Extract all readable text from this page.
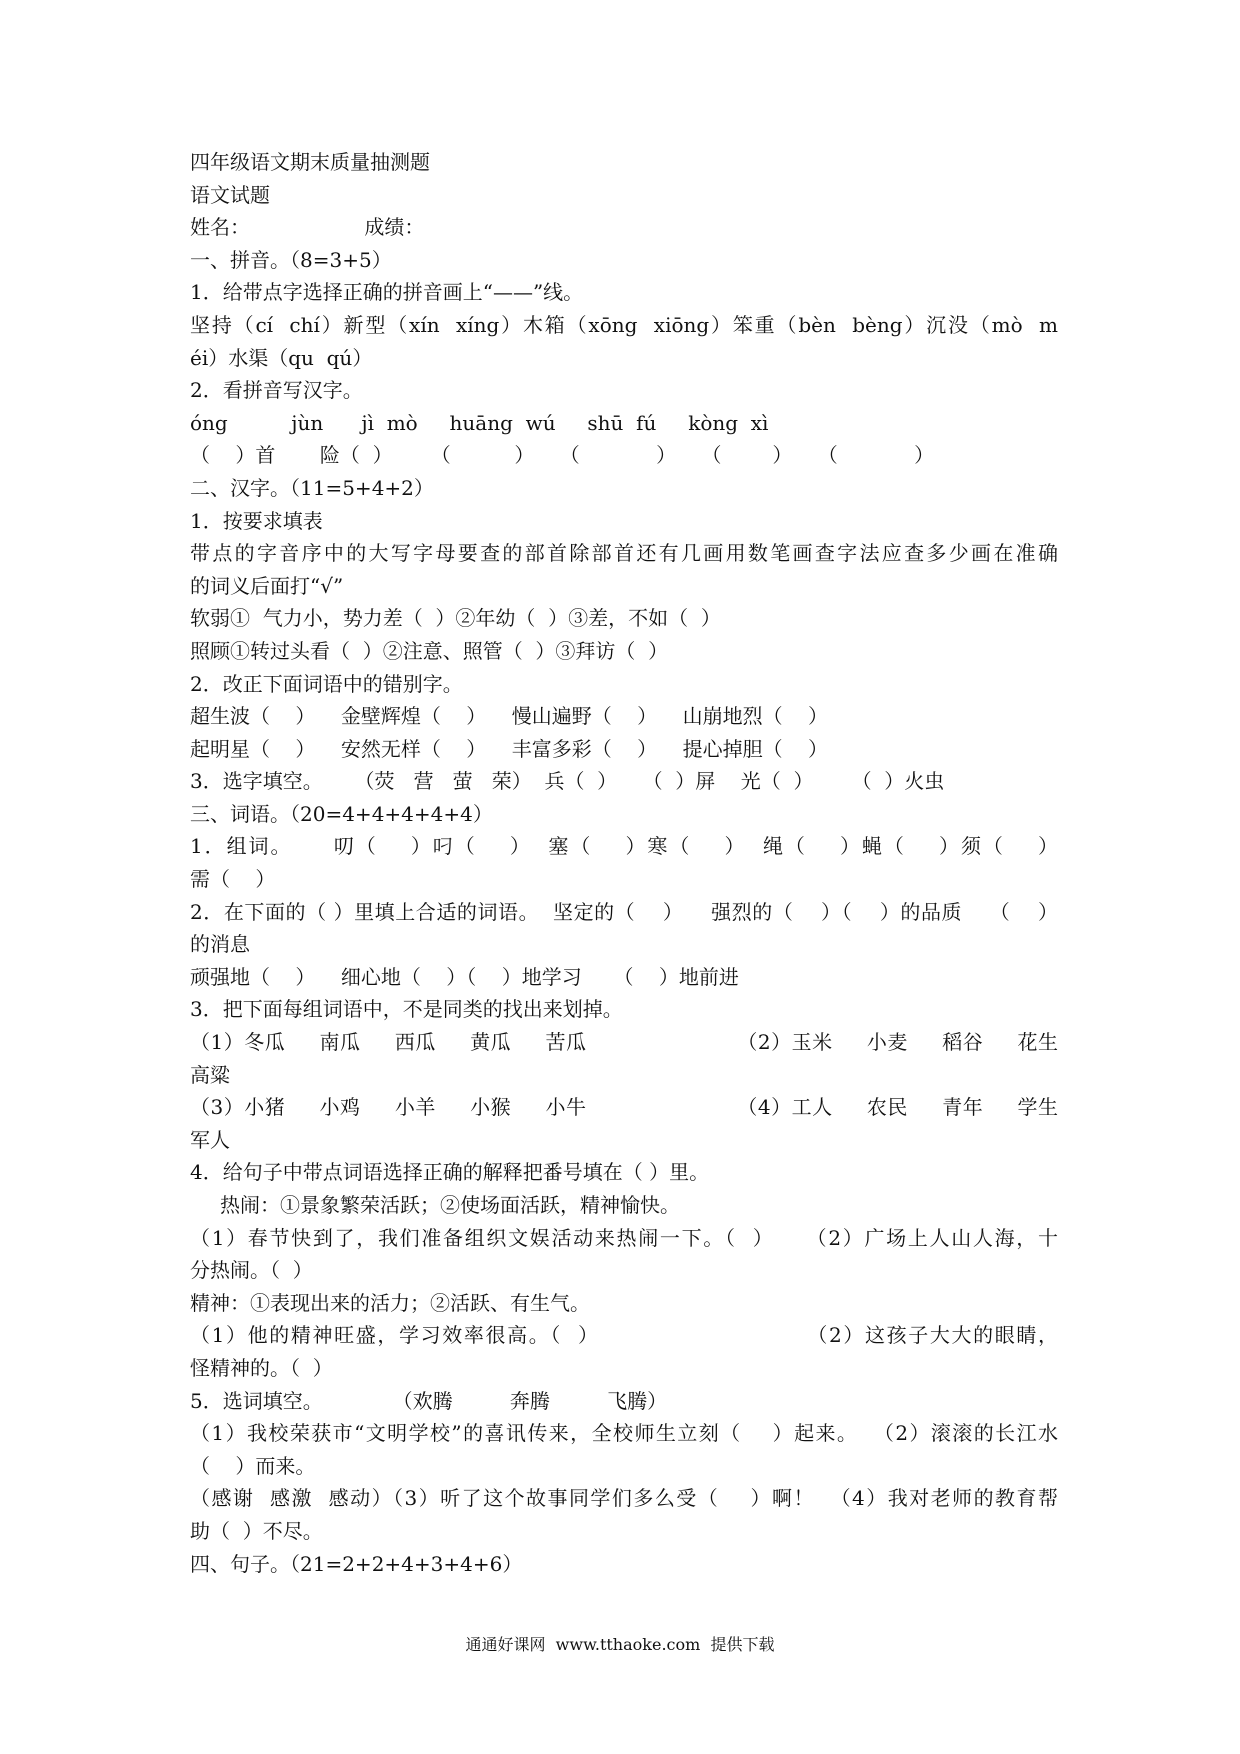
四年级语文期末质量抽测题
语文试题
姓名：                  成绩：
一、拼音。（8=3+5）
1．给带点字选择正确的拼音画上“——”线。
坚持（cí  chí）新型（xín  xíng）木箱（xōng  xiōng）笨重（bèn  bèng）沉没（mò  m
éi）水渠（qu  qú）
2．看拼音写汉字。
óng          jùn      jì  mò     huāng  wú     shū  fú     kòng  xì
（    ）首       险（  ）      （          ）    （            ）    （        ）    （            ）
二、汉字。（11=5+4+2）
1．按要求填表
带点的字音序中的大写字母要查的部首除部首还有几画用数笔画查字法应查多少画在准确
的词义后面打“√”
软弱①  气力小，势力差（  ）②年幼（  ）③差，不如（  ）
照顾①转过头看（  ）②注意、照管（  ）③拜访（  ）
2．改正下面词语中的错别字。
超生波（    ）    金壁辉煌（    ）    慢山遍野（    ）    山崩地烈（    ）
起明星（    ）    安然无样（    ）    丰富多彩（    ）    提心掉胆（    ）
3．选字填空。     （荧   营   萤   荣）  兵（  ）    （  ）屏    光（  ）      （  ）火虫
三、词语。（20=4+4+4+4+4）
1．组词。     叨（    ）叼（    ）  塞（    ）寒（    ）  绳（    ）蝇（    ）须（    ）
需（    ）
2．在下面的（ ）里填上合适的词语。  坚定的（    ）    强烈的（    ）（    ）的品质    （    ）
的消息
顽强地（    ）    细心地（    ）（    ）地学习     （    ）地前进
3．把下面每组词语中，不是同类的找出来划掉。
（1）冬瓜     南瓜     西瓜     黄瓜     苦瓜                      （2）玉米     小麦     稻谷     花生
高粱
（3）小猪     小鸡     小羊     小猴     小牛                      （4）工人     农民     青年     学生
军人
4．给句子中带点词语选择正确的解释把番号填在（ ）里。
热闹：①景象繁荣活跃；②使场面活跃，精神愉快。
（1）春节快到了，我们准备组织文娱活动来热闹一下。（  ）    （2）广场上人山人海，十
分热闹。（  ）
精神：①表现出来的活力；②活跃、有生气。
（1）他的精神旺盛，学习效率很高。（  ）                          （2）这孩子大大的眼睛，
怪精神的。（  ）
5．选词填空。           （欢腾         奔腾         飞腾）
（1）我校荣获市“文明学校”的喜讯传来，全校师生立刻（    ）起来。  （2）滚滚的长江水
（    ）而来。
（感谢  感激  感动）（3）听了这个故事同学们多么受（    ）啊！  （4）我对老师的教育帮
助（  ）不尽。
四、句子。（21=2+2+4+3+4+6）
通通好课网  www.tthaoke.com  提供下载
